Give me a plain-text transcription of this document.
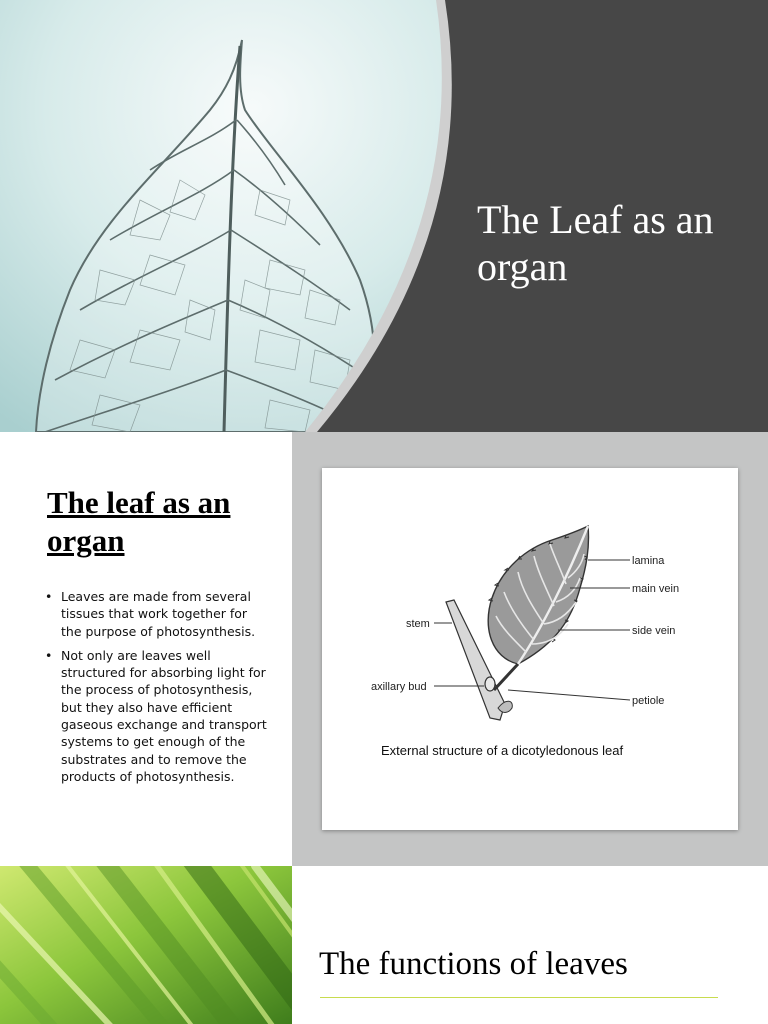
The Leaf as an organ
The leaf as an organ
• Leaves are made from several tissues that work together for the purpose of photosynthesis.
• Not only are leaves well structured for absorbing light for the process of photosynthesis, but they also have efficient gaseous exchange and transport systems to get enough of the substrates and to remove the products of photosynthesis.
lamina
main vein
side vein
petiole
stem
axillary bud
External structure of a dicotyledonous leaf
The functions of leaves
